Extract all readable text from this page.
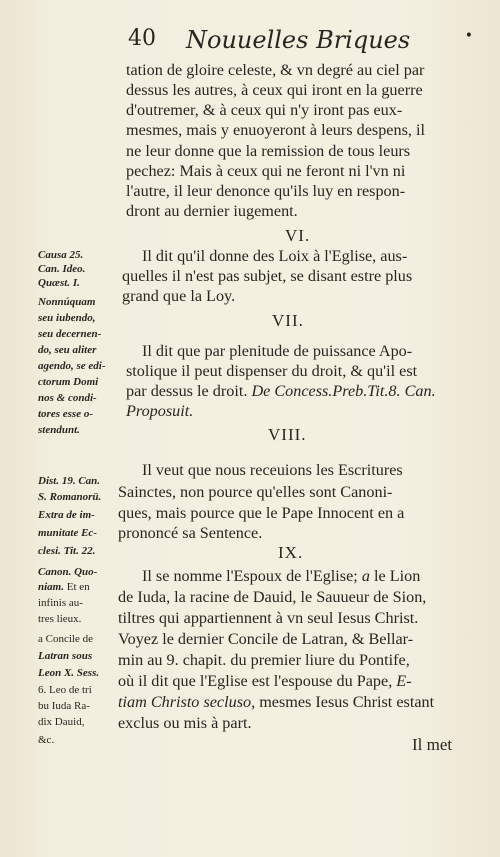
40 Nouuelles Briques	•
tation de gloire celeste, & vn degré au ciel par
dessus les autres, à ceux qui iront en la guerre
d'outremer, & à ceux qui n'y iront pas eux-
mesmes, mais y enuoyeront à leurs despens, il
ne leur donne que la remission de tous leurs
pechez: Mais à ceux qui ne feront ni l'vn ni
l'autre, il leur denonce qu'ils luy en respon-
dront au dernier iugement.
VI.
Il dit qu'il donne des Loix à l'Eglise, aus-
quelles il n'est pas subjet, se disant estre plus
grand que la Loy.
VII.
Il dit que par plenitude de puissance Apo-
stolique il peut dispenser du droit, & qu'il est
par dessus le droit. De Concess.Preb.Tit.8. Can.
Proposuit.
VIII.
Il veut que nous receuions les Escritures
Sainctes, non pource qu'elles sont Canoni-
ques, mais pource que le Pape Innocent en a
prononcé sa Sentence.
IX.
Il se nomme l'Espoux de l'Eglise; a le Lion
de Iuda, la racine de Dauid, le Sauueur de Sion,
tiltres qui appartiennent à vn seul Iesus Christ.
Voyez le dernier Concile de Latran, & Bellar-
min au 9. chapit. du premier liure du Pontife,
où il dit que l'Eglise est l'espouse du Pape, E-
tiam Christo secluso, mesmes Iesus Christ estant
exclus ou mis à part.
Il met
Causa 25.
Can. Ideo.
Quæst. I.
Nonnúquam
seu iubendo,
seu decernen-
do, seu aliter
agendo, se edi-
ctorum Domi
nos & condi-
tores esse o-
stendunt.
Dist. 19. Can.
S. Romanorü.
Extra de im-
munitate Ec-
clesi. Tit. 22.
Canon. Quo-
niam. Et en
infinis au-
tres lieux.
a Concile de
Latran sous
Leon X. Sess.
6. Leo de tri
bu Iuda Ra-
dix Dauid,
&c.
